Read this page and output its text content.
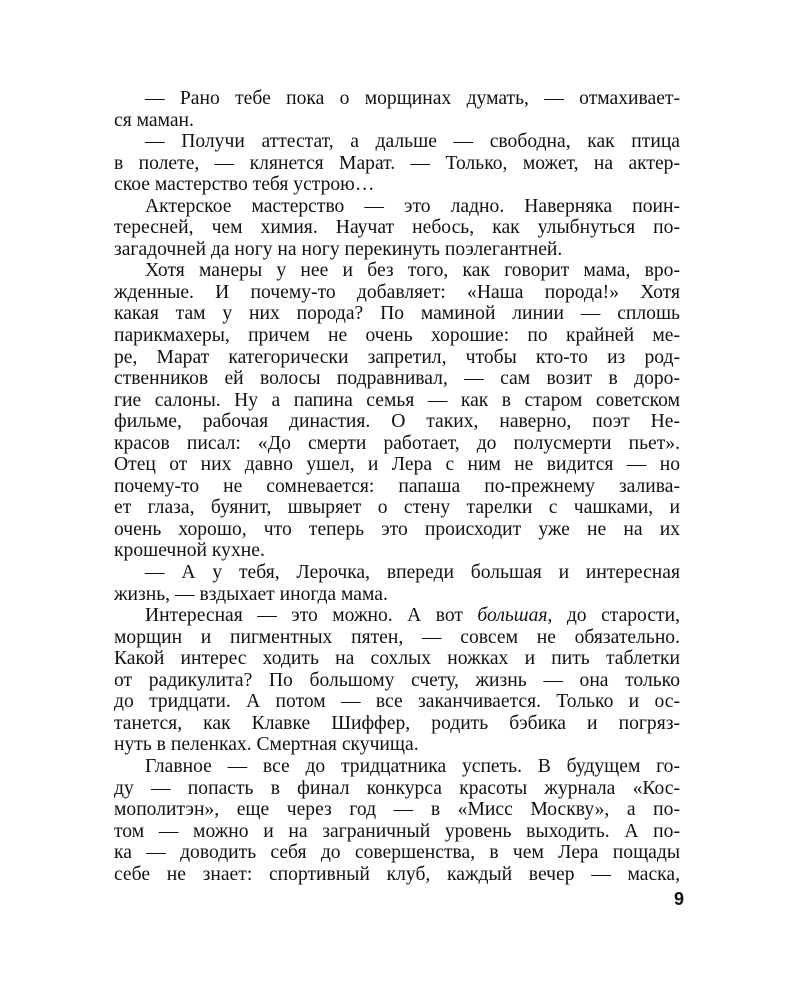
— Рано тебе пока о морщинах думать, — отмахивает-
ся маман.
— Получи аттестат, а дальше — свободна, как птица
в полете, — клянется Марат. — Только, может, на актер-
ское мастерство тебя устрою…
Актерское мастерство — это ладно. Наверняка поин-
тересней, чем химия. Научат небось, как улыбнуться по-
загадочней да ногу на ногу перекинуть поэлегантней.
Хотя манеры у нее и без того, как говорит мама, вро-
жденные. И почему-то добавляет: «Наша порода!» Хотя
какая там у них порода? По маминой линии — сплошь
парикмахеры, причем не очень хорошие: по крайней ме-
ре, Марат категорически запретил, чтобы кто-то из род-
ственников ей волосы подравнивал, — сам возит в доро-
гие салоны. Ну а папина семья — как в старом советском
фильме, рабочая династия. О таких, наверно, поэт Не-
красов писал: «До смерти работает, до полусмерти пьет».
Отец от них давно ушел, и Лера с ним не видится — но
почему-то не сомневается: папаша по-прежнему залива-
ет глаза, буянит, швыряет о стену тарелки с чашками, и
очень хорошо, что теперь это происходит уже не на их
крошечной кухне.
— А у тебя, Лерочка, впереди большая и интересная
жизнь, — вздыхает иногда мама.
Интересная — это можно. А вот большая, до старости,
морщин и пигментных пятен, — совсем не обязательно.
Какой интерес ходить на сохлых ножках и пить таблетки
от радикулита? По большому счету, жизнь — она только
до тридцати. А потом — все заканчивается. Только и ос-
танется, как Клавке Шиффер, родить бэбика и погряз-
нуть в пеленках. Смертная скучища.
Главное — все до тридцатника успеть. В будущем го-
ду — попасть в финал конкурса красоты журнала «Кос-
мополитэн», еще через год — в «Мисс Москву», а по-
том — можно и на заграничный уровень выходить. А по-
ка — доводить себя до совершенства, в чем Лера пощады
себе не знает: спортивный клуб, каждый вечер — маска,
9
